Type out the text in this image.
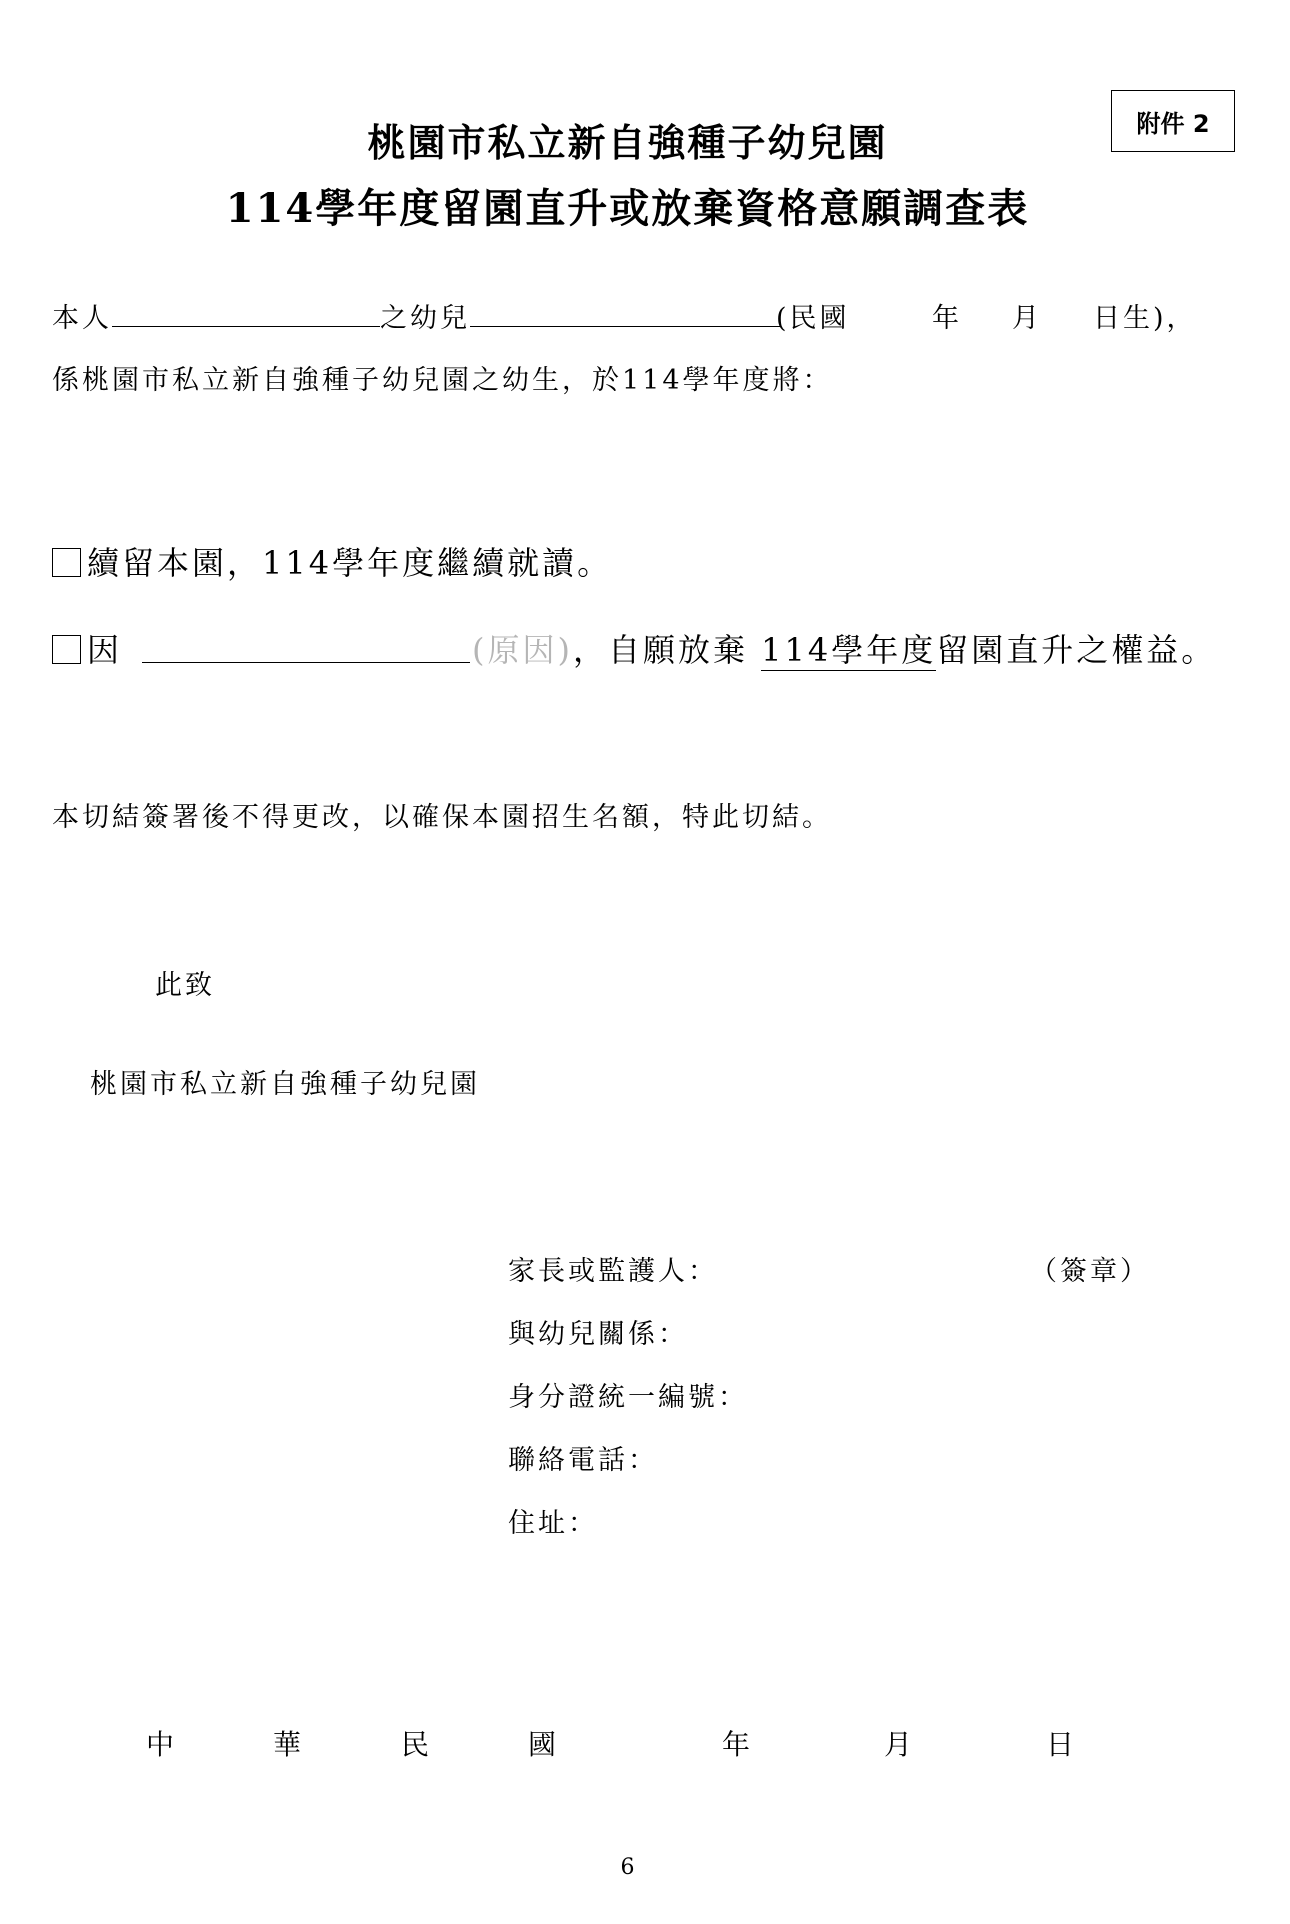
附件 2
桃園市私立新自強種子幼兒園
114學年度留園直升或放棄資格意願調查表
本人	之幼兒	(民國	年 月 日生)，
係桃園市私立新自強種子幼兒園之幼生，於114學年度將：
續留本園，114學年度繼續就讀。
因	(原因)，自願放棄 114學年度留園直升之權益。
本切結簽署後不得更改，以確保本園招生名額，特此切結。
此致
桃園市私立新自強種子幼兒園
家長或監護人：	（簽章）
與幼兒關係：
身分證統一編號：
聯絡電話：
住址：
中	華	民	國	年	月	日
6
